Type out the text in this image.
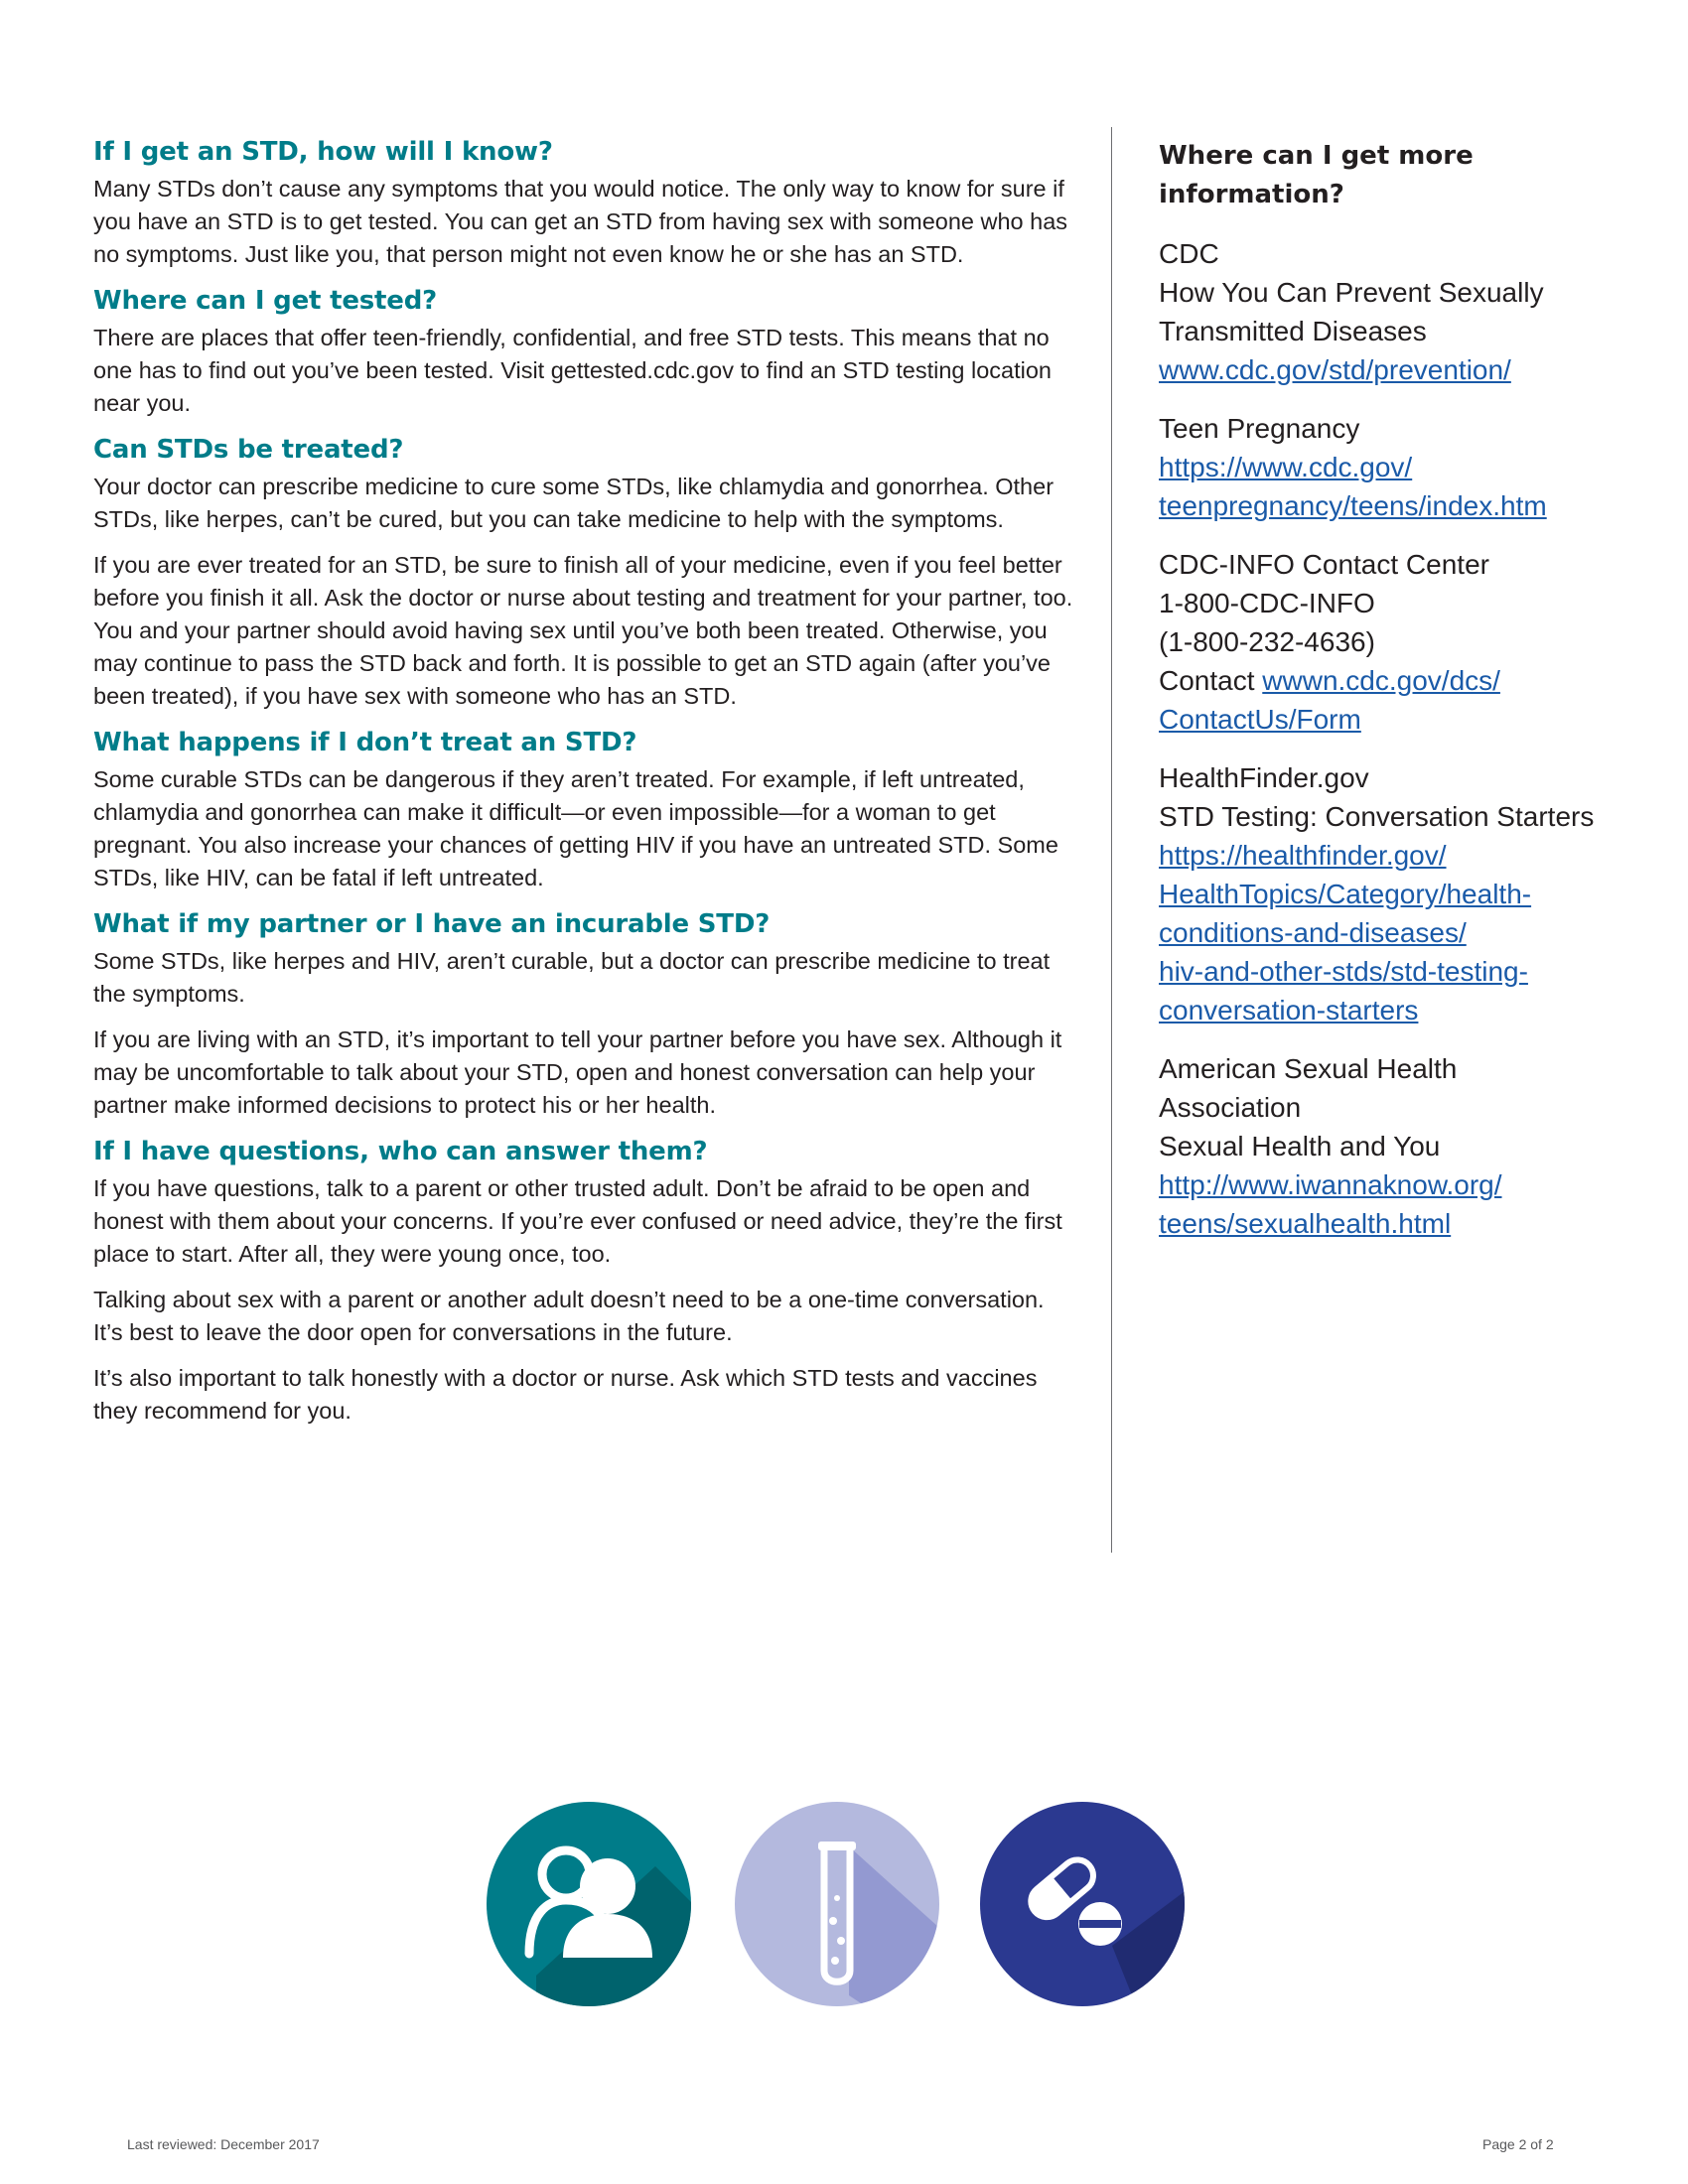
If I get an STD, how will I know?

Many STDs don’t cause any symptoms that you would notice. The only way to know for sure if you have an STD is to get tested. You can get an STD from having sex with someone who has no symptoms. Just like you, that person might not even know he or she has an STD.

Where can I get tested?

There are places that offer teen-friendly, confidential, and free STD tests. This means that no one has to find out you’ve been tested. Visit gettested.cdc.gov to find an STD testing location near you.

Can STDs be treated?

Your doctor can prescribe medicine to cure some STDs, like chlamydia and gonorrhea. Other STDs, like herpes, can’t be cured, but you can take medicine to help with the symptoms.

If you are ever treated for an STD, be sure to finish all of your medicine, even if you feel better before you finish it all. Ask the doctor or nurse about testing and treatment for your partner, too. You and your partner should avoid having sex until you’ve both been treated. Otherwise, you may continue to pass the STD back and forth. It is possible to get an STD again (after you’ve been treated), if you have sex with someone who has an STD.

What happens if I don’t treat an STD?

Some curable STDs can be dangerous if they aren’t treated. For example, if left untreated, chlamydia and gonorrhea can make it difficult—or even impossible—for a woman to get pregnant. You also increase your chances of getting HIV if you have an untreated STD. Some STDs, like HIV, can be fatal if left untreated.

What if my partner or I have an incurable STD?

Some STDs, like herpes and HIV, aren’t curable, but a doctor can prescribe medicine to treat the symptoms.

If you are living with an STD, it’s important to tell your partner before you have sex. Although it may be uncomfortable to talk about your STD, open and honest conversation can help your partner make informed decisions to protect his or her health.

If I have questions, who can answer them?

If you have questions, talk to a parent or other trusted adult. Don’t be afraid to be open and honest with them about your concerns. If you’re ever confused or need advice, they’re the first place to start. After all, they were young once, too.

Talking about sex with a parent or another adult doesn’t need to be a one-time conversation. It’s best to leave the door open for conversations in the future.

It’s also important to talk honestly with a doctor or nurse. Ask which STD tests and vaccines they recommend for you.

Where can I get more
information?
CDC
How You Can Prevent Sexually
Transmitted Diseases
www.cdc.gov/std/prevention/
Teen Pregnancy
https://www.cdc.gov/
teenpregnancy/teens/index.htm
CDC-INFO Contact Center
1-800-CDC-INFO
(1-800-232-4636)
Contact wwwn.cdc.gov/dcs/
ContactUs/Form
HealthFinder.gov
STD Testing: Conversation Starters
https://healthfinder.gov/
HealthTopics/Category/health-
conditions-and-diseases/
hiv-and-other-stds/std-testing-
conversation-starters
American Sexual Health
Association
Sexual Health and You
http://www.iwannaknow.org/
teens/sexualhealth.html
Last reviewed: December 2017	Page 2 of 2
